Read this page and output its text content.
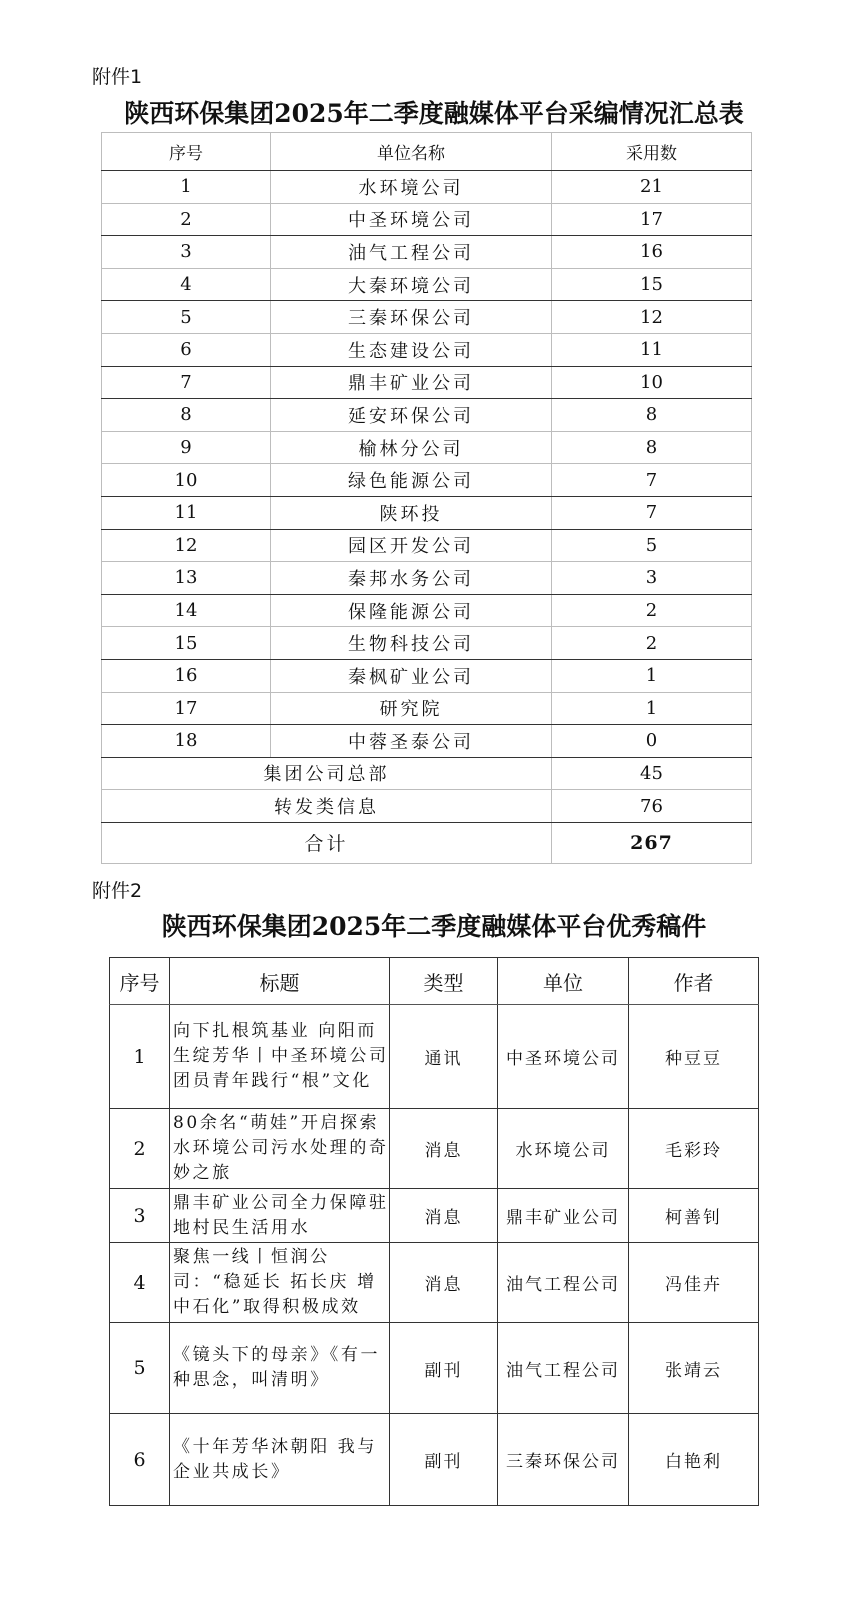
附件1
陕西环保集团2025年二季度融媒体平台采编情况汇总表
序号	单位名称	采用数
1	水环境公司	21
2	中圣环境公司	17
3	油气工程公司	16
4	大秦环境公司	15
5	三秦环保公司	12
6	生态建设公司	11
7	鼎丰矿业公司	10
8	延安环保公司	8
9	榆林分公司	8
10	绿色能源公司	7
11	陕环投	7
12	园区开发公司	5
13	秦邦水务公司	3
14	保隆能源公司	2
15	生物科技公司	2
16	秦枫矿业公司	1
17	研究院	1
18	中蓉圣泰公司	0
集团公司总部		45
转发类信息		76
合计		267
附件2
陕西环保集团2025年二季度融媒体平台优秀稿件
序号	标题	类型	单位	作者
1	向下扎根筑基业 向阳而生绽芳华丨中圣环境公司团员青年践行“根”文化	通讯	中圣环境公司	种豆豆
2	80余名“萌娃”开启探索水环境公司污水处理的奇妙之旅	消息	水环境公司	毛彩玲
3	鼎丰矿业公司全力保障驻地村民生活用水	消息	鼎丰矿业公司	柯善钊
4	聚焦一线丨恒润公司：“稳延长 拓长庆 增中石化”取得积极成效	消息	油气工程公司	冯佳卉
5	《镜头下的母亲》《有一种思念，叫清明》	副刊	油气工程公司	张靖云
6	《十年芳华沐朝阳 我与企业共成长》	副刊	三秦环保公司	白艳利
